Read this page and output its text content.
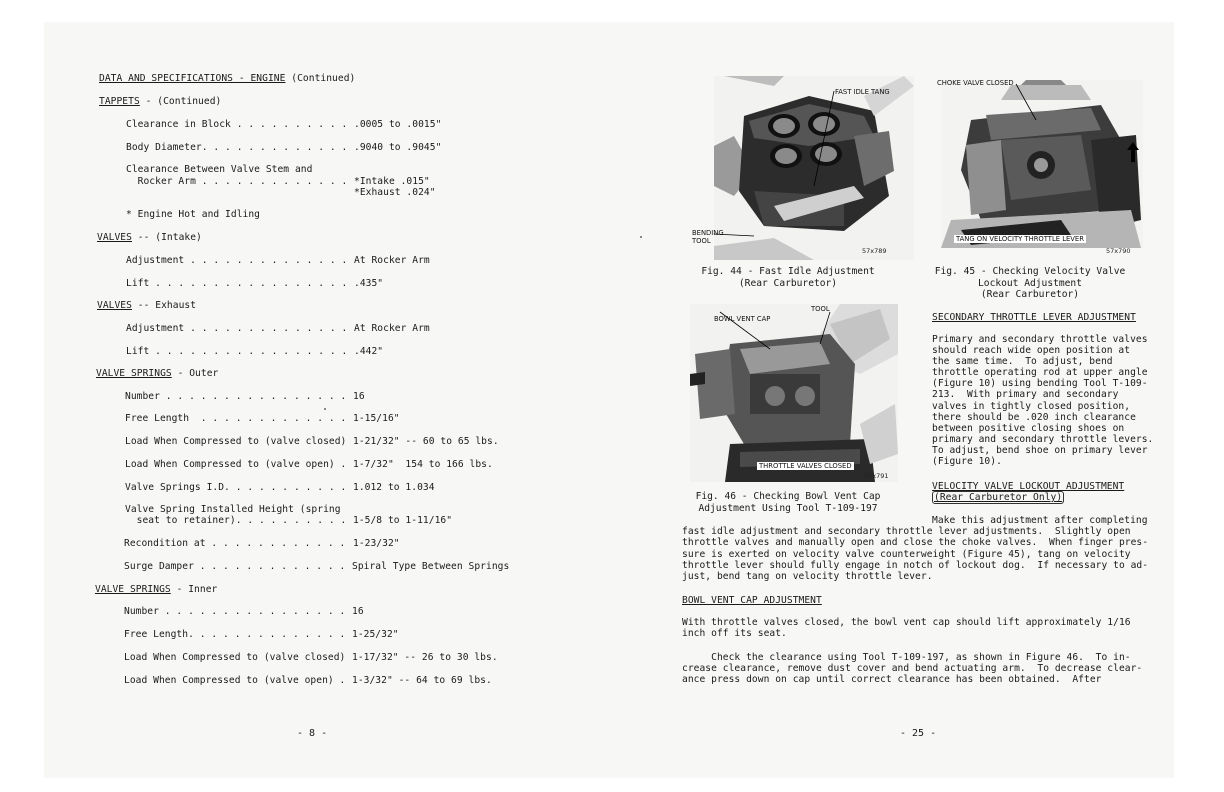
DATA AND SPECIFICATIONS - ENGINE (Continued)
TAPPETS - (Continued)
Clearance in Block . . . . . . . . . . .0005 to .0015"
Body Diameter. . . . . . . . . . . . . .9040 to .9045"
Clearance Between Valve Stem and
Rocker Arm . . . . . . . . . . . . . *Intake .015"
*Exhaust .024"
* Engine Hot and Idling
VALVES -- (Intake)
Adjustment . . . . . . . . . . . . . . At Rocker Arm
Lift . . . . . . . . . . . . . . . . . .435"
VALVES -- Exhaust
Adjustment . . . . . . . . . . . . . . At Rocker Arm
Lift . . . . . . . . . . . . . . . . . .442"
VALVE SPRINGS - Outer
Number . . . . . . . . . . . . . . . . 16
Free Length  . . . . . . . . . . . . . 1-15/16"
Load When Compressed to (valve closed) 1-21/32" -- 60 to 65 lbs.
Load When Compressed to (valve open) . 1-7/32"  154 to 166 lbs.
Valve Springs I.D. . . . . . . . . . . 1.012 to 1.034
Valve Spring Installed Height (spring
seat to retainer). . . . . . . . . . 1-5/8 to 1-11/16"
Recondition at . . . . . . . . . . . . 1-23/32"
Surge Damper . . . . . . . . . . . . . Spiral Type Between Springs
VALVE SPRINGS - Inner
Number . . . . . . . . . . . . . . . . 16
Free Length. . . . . . . . . . . . . . 1-25/32"
Load When Compressed to (valve closed) 1-17/32" -- 26 to 30 lbs.
Load When Compressed to (valve open) . 1-3/32" -- 64 to 69 lbs.
- 8 -
FAST IDLE TANG
BENDING
TOOL
57x789
Fig. 44 - Fast Idle Adjustment
(Rear Carburetor)
CHOKE VALVE CLOSED
TANG ON VELOCITY THROTTLE LEVER
57x790
Fig. 45 - Checking Velocity Valve
Lockout Adjustment
(Rear Carburetor)
BOWL VENT CAP
TOOL
THROTTLE VALVES CLOSED
57x791
Fig. 46 - Checking Bowl Vent Cap
Adjustment Using Tool T-109-197
SECONDARY THROTTLE LEVER ADJUSTMENT
Primary and secondary throttle valves
should reach wide open position at
the same time.  To adjust, bend
throttle operating rod at upper angle
(Figure 10) using bending Tool T-109-
213.  With primary and secondary
valves in tightly closed position,
there should be .020 inch clearance
between positive closing shoes on
primary and secondary throttle levers.
To adjust, bend shoe on primary lever
(Figure 10).
VELOCITY VALVE LOCKOUT ADJUSTMENT
(Rear Carburetor Only)
Make this adjustment after completing
fast idle adjustment and secondary throttle lever adjustments.  Slightly open
throttle valves and manually open and close the choke valves.  When finger pres-
sure is exerted on velocity valve counterweight (Figure 45), tang on velocity
throttle lever should fully engage in notch of lockout dog.  If necessary to ad-
just, bend tang on velocity throttle lever.
BOWL VENT CAP ADJUSTMENT
With throttle valves closed, the bowl vent cap should lift approximately 1/16
inch off its seat.
Check the clearance using Tool T-109-197, as shown in Figure 46.  To in-
crease clearance, remove dust cover and bend actuating arm.  To decrease clear-
ance press down on cap until correct clearance has been obtained.  After
- 25 -
